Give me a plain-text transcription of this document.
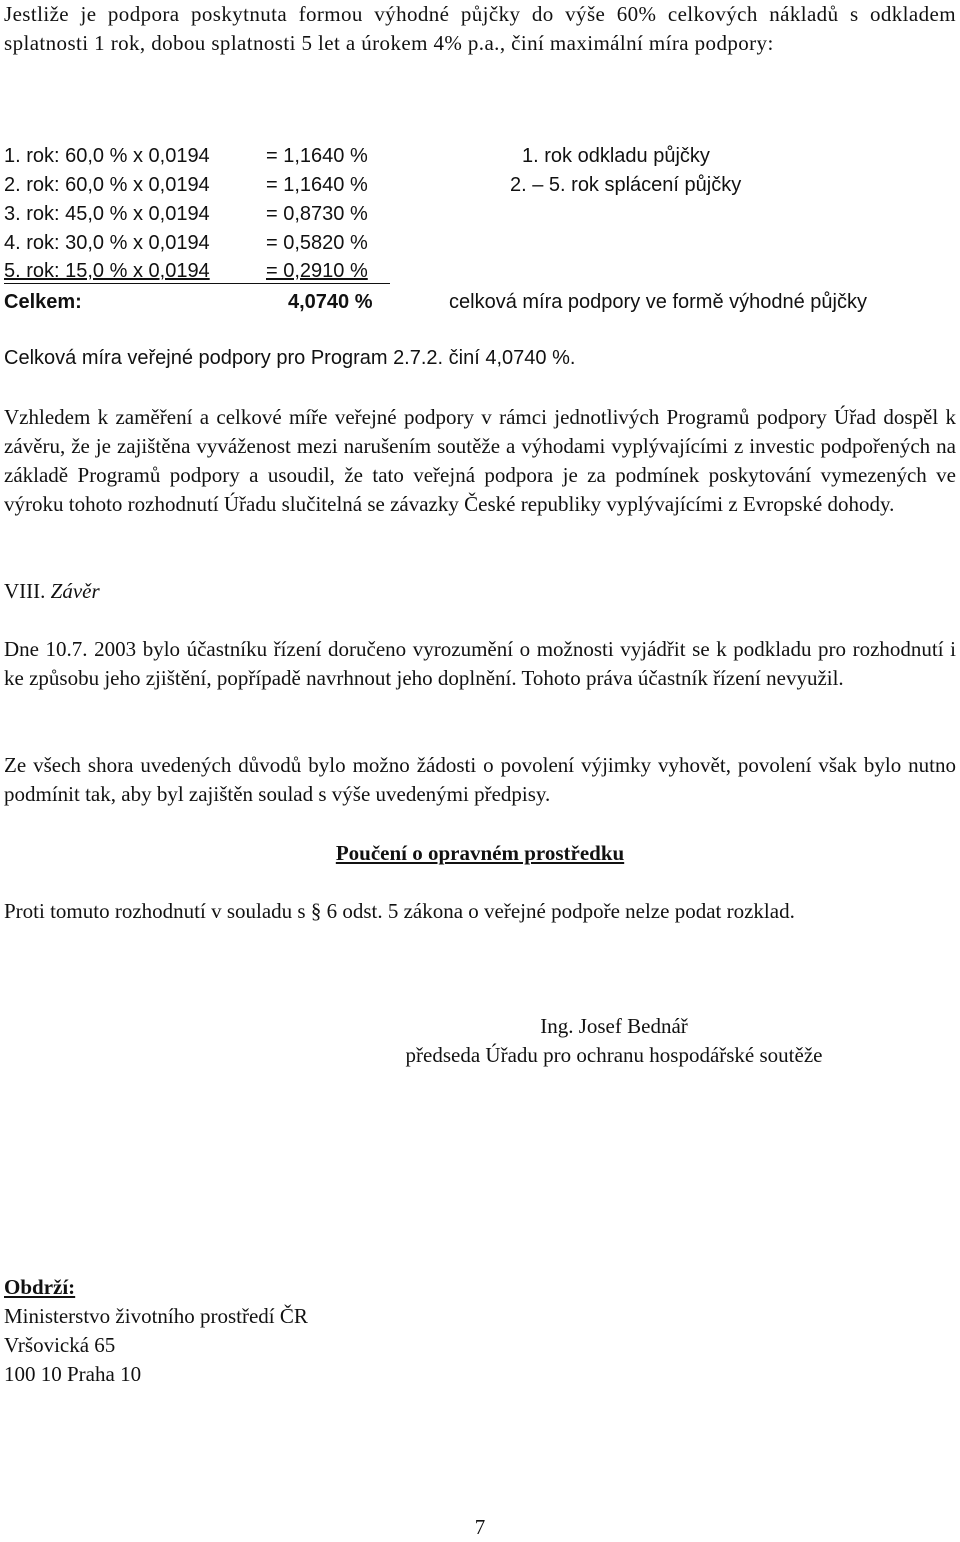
Jestliže je podpora poskytnuta formou výhodné půjčky do výše 60% celkových nákladů s odkladem splatnosti 1 rok, dobou splatnosti 5 let a úrokem 4% p.a., činí maximální míra podpory:
1. rok: 60,0 % x 0,0194	= 1,1640 %	1. rok odkladu půjčky
2. rok: 60,0 % x 0,0194	= 1,1640 %	2. – 5. rok splácení půjčky
3. rok: 45,0 % x 0,0194	= 0,8730 %
4. rok: 30,0 % x 0,0194	= 0,5820 %
5. rok: 15,0 % x 0,0194	= 0,2910 %
Celkem:	4,0740 %	celková míra podpory ve formě výhodné půjčky
Celková míra veřejné podpory pro Program 2.7.2. činí 4,0740 %.
Vzhledem k zaměření a celkové míře veřejné podpory v rámci jednotlivých Programů podpory Úřad dospěl k závěru, že je zajištěna vyváženost mezi narušením soutěže a výhodami vyplývajícími z investic podpořených na základě Programů podpory a usoudil, že tato veřejná podpora je za podmínek poskytování vymezených ve výroku tohoto rozhodnutí Úřadu slučitelná se závazky České republiky vyplývajícími z Evropské dohody.
VIII. Závěr
Dne 10.7. 2003 bylo účastníku řízení doručeno vyrozumění o možnosti vyjádřit se k podkladu pro rozhodnutí i ke způsobu jeho zjištění, popřípadě navrhnout jeho doplnění. Tohoto práva účastník řízení nevyužil.
Ze všech shora uvedených důvodů bylo možno žádosti o povolení výjimky vyhovět, povolení však bylo nutno podmínit tak, aby byl zajištěn soulad s výše uvedenými předpisy.
Poučení o opravném prostředku
Proti tomuto rozhodnutí v souladu s § 6 odst. 5 zákona o veřejné podpoře nelze podat rozklad.
Ing. Josef Bednář
předseda Úřadu pro ochranu hospodářské soutěže
Obdrží:
Ministerstvo životního prostředí ČR
Vršovická 65
100 10 Praha 10
7
